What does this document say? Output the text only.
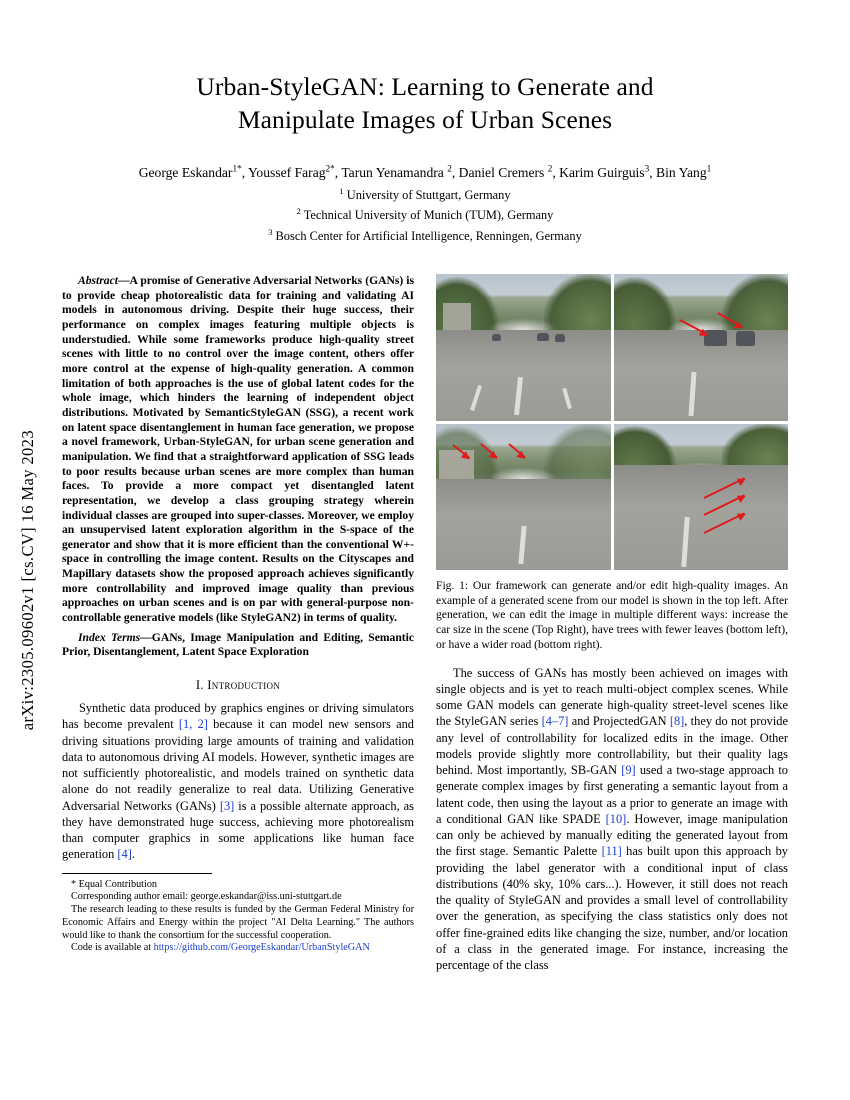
arXiv:2305.09602v1 [cs.CV] 16 May 2023
Urban-StyleGAN: Learning to Generate and
Manipulate Images of Urban Scenes
George Eskandar$^{1*}$, Youssef Farag$^{2*}$, Tarun Yenamandra $^2$, Daniel Cremers $^2$, Karim Guirguis$^3$, Bin Yang$^1$
$^1$ University of Stuttgart, Germany
$^2$ Technical University of Munich (TUM), Germany
$^3$ Bosch Center for Artificial Intelligence, Renningen, Germany
Abstract—A promise of Generative Adversarial Networks (GANs) is to provide cheap photorealistic data for training and validating AI models in autonomous driving. Despite their huge success, their performance on complex images featuring multiple objects is understudied. While some frameworks produce high-quality street scenes with little to no control over the image content, others offer more control at the expense of high-quality generation. A common limitation of both approaches is the use of global latent codes for the whole image, which hinders the learning of independent object distributions. Motivated by SemanticStyleGAN (SSG), a recent work on latent space disentanglement in human face generation, we propose a novel framework, Urban-StyleGAN, for urban scene generation and manipulation. We find that a straightforward application of SSG leads to poor results because urban scenes are more complex than human faces. To provide a more compact yet disentangled latent representation, we develop a class grouping strategy wherein individual classes are grouped into super-classes. Moreover, we employ an unsupervised latent exploration algorithm in the S-space of the generator and show that it is more efficient than the conventional W+-space in controlling the image content. Results on the Cityscapes and Mapillary datasets show the proposed approach achieves significantly more controllability and improved image quality than previous approaches on urban scenes and is on par with general-purpose non-controllable generative models (like StyleGAN2) in terms of quality.
Index Terms—GANs, Image Manipulation and Editing, Semantic Prior, Disentanglement, Latent Space Exploration
I. Introduction

Synthetic data produced by graphics engines or driving simulators has become prevalent [1, 2] because it can model new sensors and driving situations providing large amounts of training and validation data to autonomous driving AI models. However, synthetic images are not sufficiently photorealistic, and models trained on synthetic data alone do not readily generalize to real data. Utilizing Generative Adversarial Networks (GANs) [3] is a possible alternate approach, as they have demonstrated huge success, achieving more photorealism than computer graphics in some applications like human face generation [4].

* Equal Contribution
Corresponding author email: george.eskandar@iss.uni-stuttgart.de
The research leading to these results is funded by the German Federal Ministry for Economic Affairs and Energy within the project "AI Delta Learning." The authors would like to thank the consortium for the successful cooperation.
Code is available at https://github.com/GeorgeEskandar/UrbanStyleGAN
Fig. 1: Our framework can generate and/or edit high-quality images. An example of a generated scene from our model is shown in the top left. After generation, we can edit the image in multiple different ways: increase the car size in the scene (Top Right), have trees with fewer leaves (bottom left), or have a wider road (bottom right).

The success of GANs has mostly been achieved on images with single objects and is yet to reach multi-object complex scenes. While some GAN models can generate high-quality street-level scenes like the StyleGAN series [4–7] and ProjectedGAN [8], they do not provide any level of controllability for localized edits in the image. Other models provide slightly more controllability, but their quality lags behind. Most importantly, SB-GAN [9] used a two-stage approach to generate complex images by first generating a semantic layout from a latent code, then using the layout as a prior to generate an image with a conditional GAN like SPADE [10]. However, image manipulation can only be achieved by manually editing the generated layout from the first stage. Semantic Palette [11] has built upon this approach by providing the label generator with a conditional input of class distributions (40% sky, 10% cars...). However, it still does not reach the quality of StyleGAN and provides a small level of controllability over the generation, as specifying the class statistics only does not offer fine-grained edits like changing the size, number, and/or location of a class in the generated image. For instance, increasing the percentage of the class
